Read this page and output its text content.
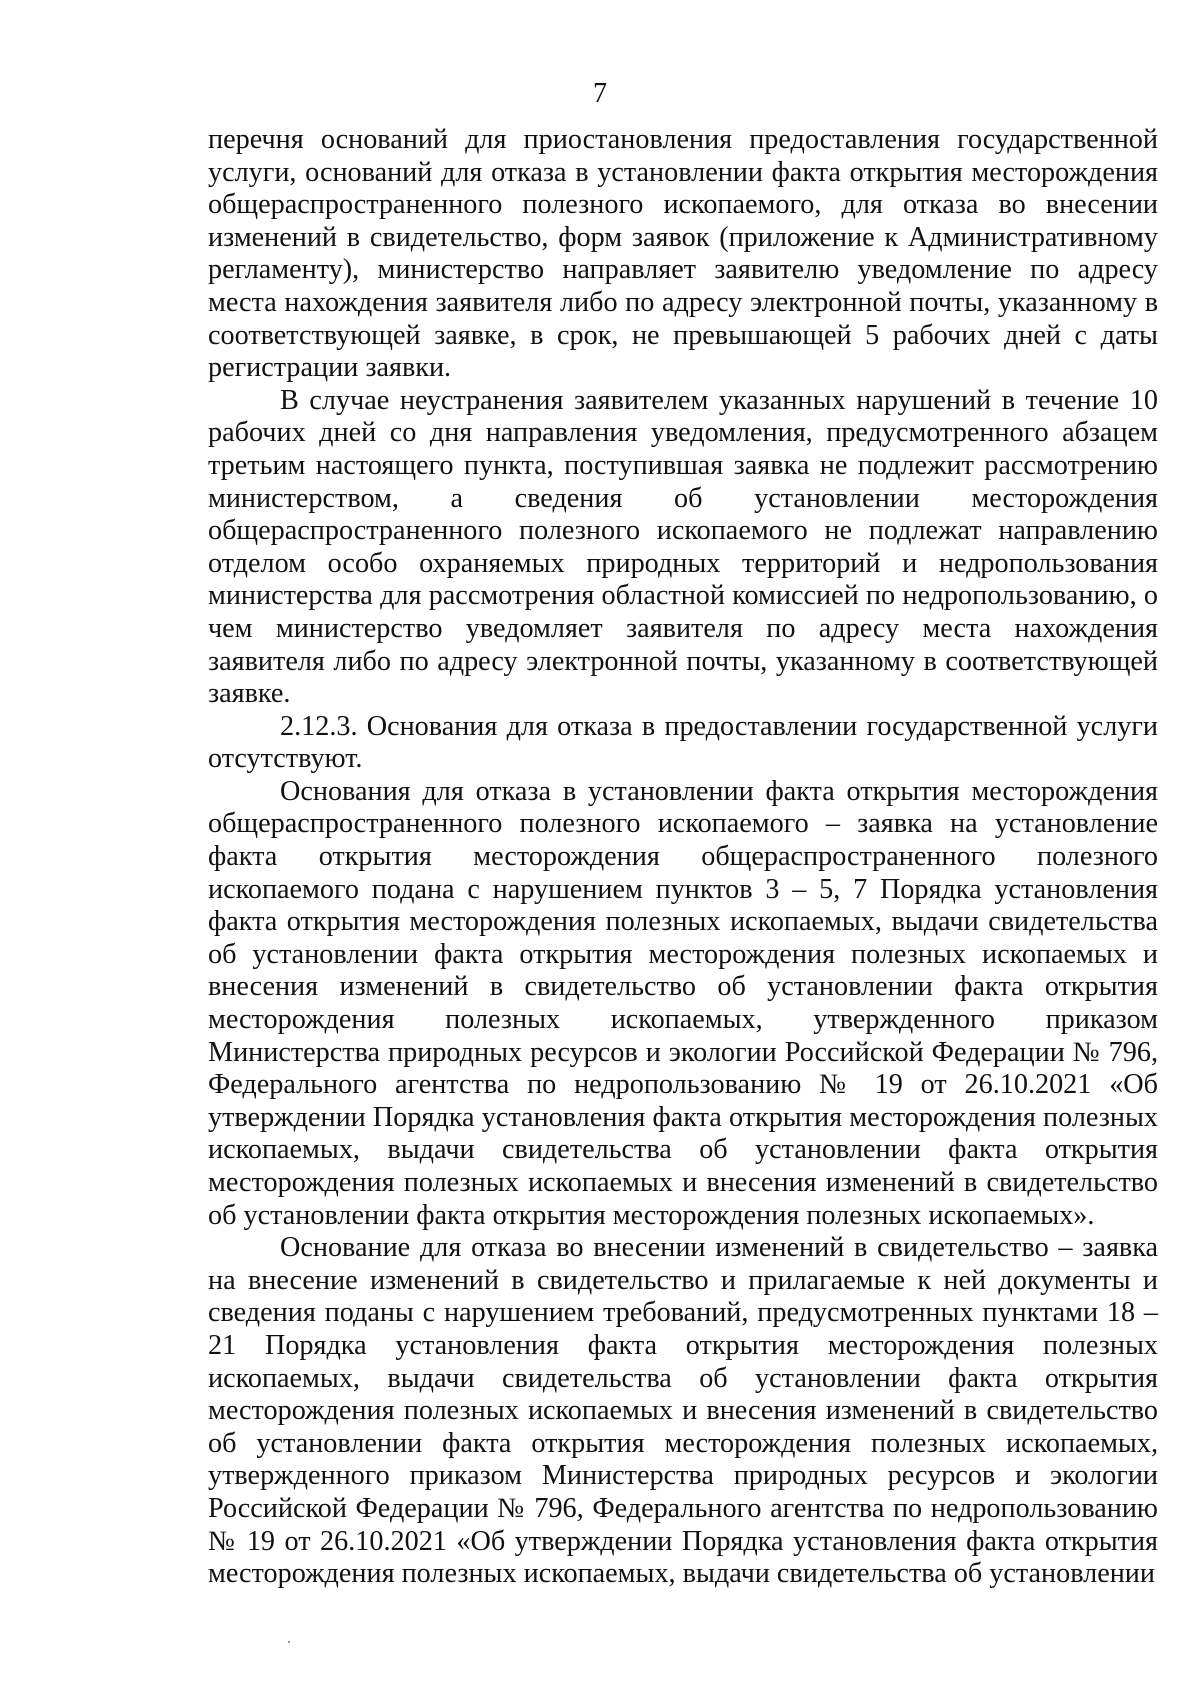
7

перечня оснований для приостановления предоставления государственной услуги, оснований для отказа в установлении факта открытия месторождения общераспространенного полезного ископаемого, для отказа во внесении изменений в свидетельство, форм заявок (приложение к Административному регламенту), министерство направляет заявителю уведомление по адресу места нахождения заявителя либо по адресу электронной почты, указанному в соответствующей заявке, в срок, не превышающей 5 рабочих дней с даты регистрации заявки.

В случае неустранения заявителем указанных нарушений в течение 10 рабочих дней со дня направления уведомления, предусмотренного абзацем третьим настоящего пункта, поступившая заявка не подлежит рассмотрению министерством, а сведения об установлении месторождения общераспространенного полезного ископаемого не подлежат направлению отделом особо охраняемых природных территорий и недропользования министерства для рассмотрения областной комиссией по недропользованию, о чем министерство уведомляет заявителя по адресу места нахождения заявителя либо по адресу электронной почты, указанному в соответствующей заявке.

2.12.3. Основания для отказа в предоставлении государственной услуги отсутствуют.

Основания для отказа в установлении факта открытия месторождения общераспространенного полезного ископаемого – заявка на установление факта открытия месторождения общераспространенного полезного ископаемого подана с нарушением пунктов 3 – 5, 7 Порядка установления факта открытия месторождения полезных ископаемых, выдачи свидетельства об установлении факта открытия месторождения полезных ископаемых и внесения изменений в свидетельство об установлении факта открытия месторождения полезных ископаемых, утвержденного приказом Министерства природных ресурсов и экологии Российской Федерации № 796, Федерального агентства по недропользованию № 19 от 26.10.2021 «Об утверждении Порядка установления факта открытия месторождения полезных ископаемых, выдачи свидетельства об установлении факта открытия месторождения полезных ископаемых и внесения изменений в свидетельство об установлении факта открытия месторождения полезных ископаемых».

Основание для отказа во внесении изменений в свидетельство – заявка на внесение изменений в свидетельство и прилагаемые к ней документы и сведения поданы с нарушением требований, предусмотренных пунктами 18 – 21 Порядка установления факта открытия месторождения полезных ископаемых, выдачи свидетельства об установлении факта открытия месторождения полезных ископаемых и внесения изменений в свидетельство об установлении факта открытия месторождения полезных ископаемых, утвержденного приказом Министерства природных ресурсов и экологии Российской Федерации № 796, Федерального агентства по недропользованию № 19 от 26.10.2021 «Об утверждении Порядка установления факта открытия месторождения полезных ископаемых, выдачи свидетельства об установлении
